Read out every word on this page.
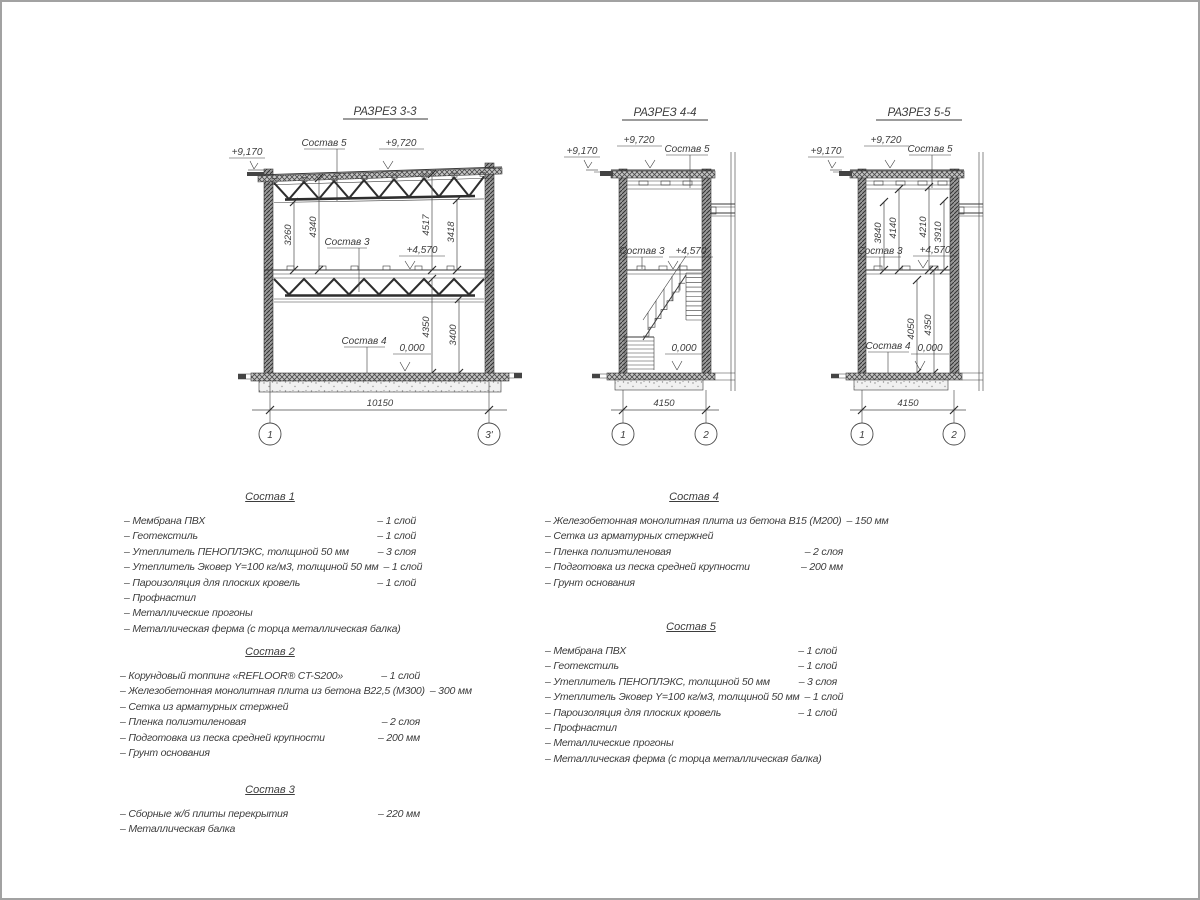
РАЗРЕЗ 3-3
+9,170
Состав 5	+9,720
Состав 3
+4,570
3260 4340	4517 3418
4350 3400
Состав 4
0,000
10150
1	3'
РАЗРЕЗ 4-4
+9,170
+9,720
Состав 5
Состав 3 +4,570
0,000
4150
1	2
РАЗРЕЗ 5-5
+9,170
+9,720
Состав 5
3840 4140 4210 3910
Состав 3 +4,570
4050 4350
Состав 4 0,000
4150
1	2
Состав 1
– Мембрана ПВХ	– 1 слой
– Геотекстиль	– 1 слой
– Утеплитель ПЕНОПЛЭКС, толщиной 50 мм	– 3 слоя
– Утеплитель Эковер Y=100 кг/м3, толщиной 50 мм – 1 слой
– Пароизоляция для плоских кровель	– 1 слой
– Профнастил
– Металлические прогоны
– Металлическая ферма (с торца металлическая балка)
Состав 2
– Корундовый топпинг «REFLOOR® CT-S200»	– 1 слой
– Железобетонная монолитная плита из бетона В22,5 (М300) – 300 мм
– Сетка из арматурных стержней
– Пленка полиэтиленовая	– 2 слоя
– Подготовка из песка средней крупности	– 200 мм
– Грунт основания
Состав 3
– Сборные ж/б плиты перекрытия	– 220 мм
– Металлическая балка
Состав 4
– Железобетонная монолитная плита из бетона В15 (М200) – 150 мм
– Сетка из арматурных стержней
– Пленка полиэтиленовая	– 2 слоя
– Подготовка из песка средней крупности	– 200 мм
– Грунт основания
Состав 5
– Мембрана ПВХ	– 1 слой
– Геотекстиль	– 1 слой
– Утеплитель ПЕНОПЛЭКС, толщиной 50 мм	– 3 слоя
– Утеплитель Эковер Y=100 кг/м3, толщиной 50 мм – 1 слой
– Пароизоляция для плоских кровель	– 1 слой
– Профнастил
– Металлические прогоны
– Металлическая ферма (с торца металлическая балка)
